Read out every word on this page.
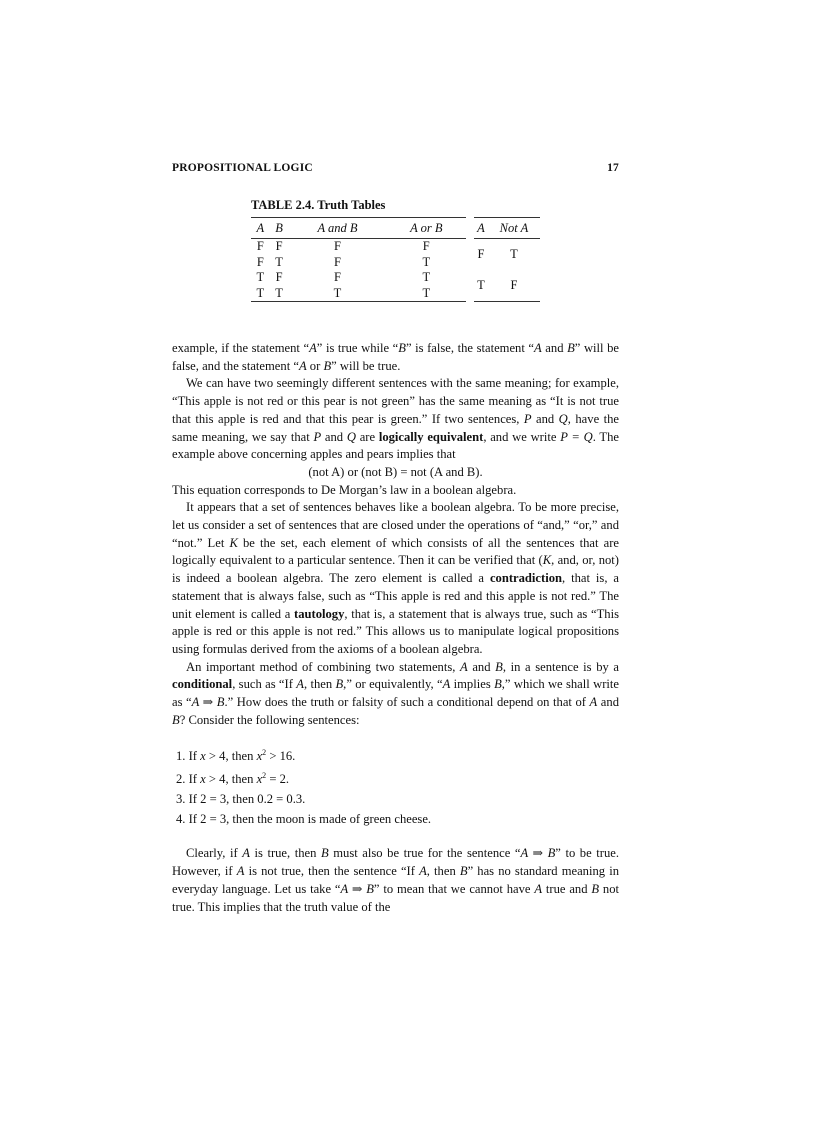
PROPOSITIONAL LOGIC	17
TABLE 2.4. Truth Tables
A	B	A and B	A or B
F	F	F	F
F	T	F	T
T	F	F	T
T	T	T	T
A	Not A
F	T
T	F

example, if the statement “A” is true while “B” is false, the statement “A and B” will be false, and the statement “A or B” will be true.

We can have two seemingly different sentences with the same meaning; for example, “This apple is not red or this pear is not green” has the same meaning as “It is not true that this apple is red and that this pear is green.” If two sentences, P and Q, have the same meaning, we say that P and Q are logically equivalent, and we write P = Q. The example above concerning apples and pears implies that

(not A) or (not B) = not (A and B).

This equation corresponds to De Morgan’s law in a boolean algebra.

It appears that a set of sentences behaves like a boolean algebra. To be more precise, let us consider a set of sentences that are closed under the operations of “and,” “or,” and “not.” Let K be the set, each element of which consists of all the sentences that are logically equivalent to a particular sentence. Then it can be verified that (K, and, or, not) is indeed a boolean algebra. The zero element is called a contradiction, that is, a statement that is always false, such as “This apple is red and this apple is not red.” The unit element is called a tautology, that is, a statement that is always true, such as “This apple is red or this apple is not red.” This allows us to manipulate logical propositions using formulas derived from the axioms of a boolean algebra.

An important method of combining two statements, A and B, in a sentence is by a conditional, such as “If A, then B,” or equivalently, “A implies B,” which we shall write as “A ⇒ B.” How does the truth or falsity of such a conditional depend on that of A and B? Consider the following sentences:

1. If x > 4, then $x^2 > 16$.
2. If x > 4, then $x^2 = 2$.
3. If 2 = 3, then 0.2 = 0.3.
4. If 2 = 3, then the moon is made of green cheese.

Clearly, if A is true, then B must also be true for the sentence “A ⇒ B” to be true. However, if A is not true, then the sentence “If A, then B” has no standard meaning in everyday language. Let us take “A ⇒ B” to mean that we cannot have A true and B not true. This implies that the truth value of the
